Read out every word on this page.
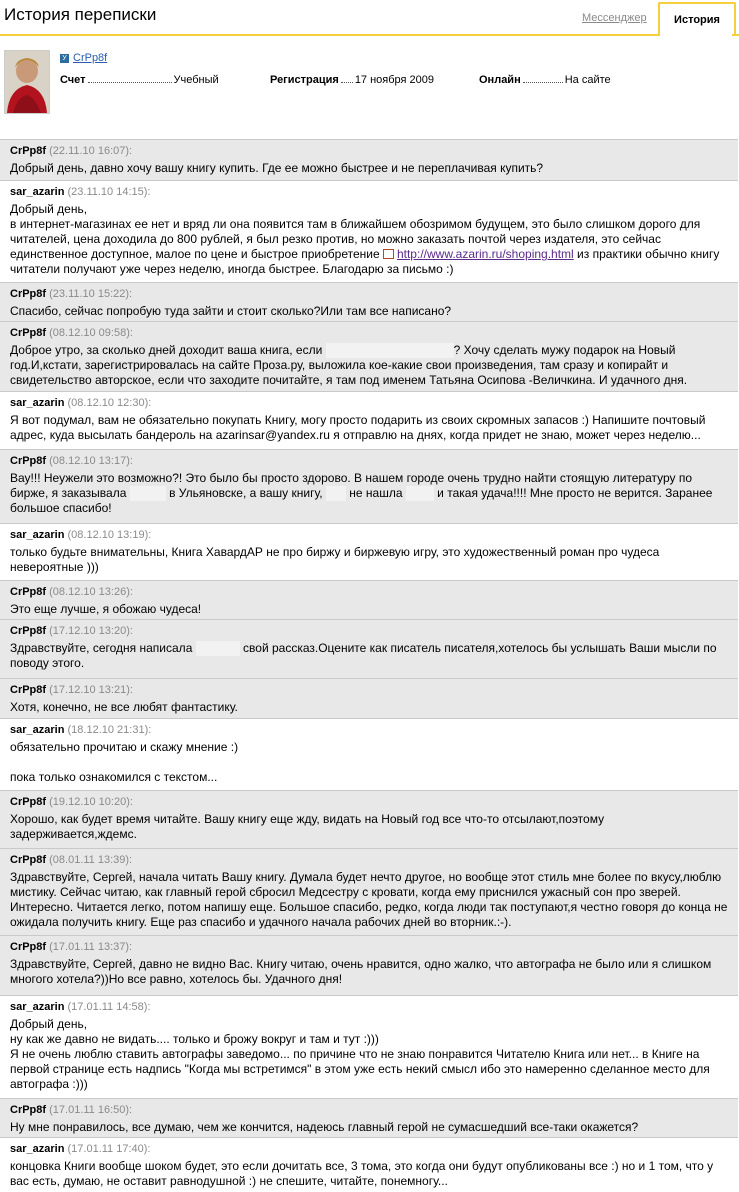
История переписки	Мессенджер	История
У CrPp8f
Счет	Учебный	Регистрация 17 ноября 2009	Онлайн	На сайте
CrPp8f (22.11.10 16:07):
Добрый день, давно хочу вашу книгу купить. Где ее можно быстрее и не переплачивая купить?
sar_azarin (23.11.10 14:15):
Добрый день,
в интернет-магазинах ее нет и вряд ли она появится там в ближайшем обозримом будущем, это было слишком дорого для читателей, цена доходила до 800 рублей, я был резко против, но можно заказать почтой через издателя, это сейчас единственное доступное, малое по цене и быстрое приобретение http://www.azarin.ru/shoping.html из практики обычно книгу читатели получают уже через неделю, иногда быстрее. Благодарю за письмо :)
CrPp8f (23.11.10 15:22):
Спасибо, сейчас попробую туда зайти и стоит сколько?Или там все написано?
CrPp8f (08.12.10 09:58):
Доброе утро, за сколько дней доходит ваша книга, если	? Хочу сделать мужу подарок на Новый год.И,кстати, зарегистрировалась на сайте Проза.ру, выложила кое-какие свои произведения, там сразу и копирайт и свидетельство авторское, если что заходите почитайте, я там под именем Татьяна Осипова -Величкина. И удачного дня.
sar_azarin (08.12.10 12:30):
Я вот подумал, вам не обязательно покупать Книгу, могу просто подарить из своих скромных запасов :) Напишите почтовый адрес, куда высылать бандероль на azarinsar@yandex.ru я отправлю на днях, когда придет не знаю, может через неделю...
CrPp8f (08.12.10 13:17):
Вау!!! Неужели это возможно?! Это было бы просто здорово. В нашем городе очень трудно найти стоящую литературу по бирже, я заказывала	в Ульяновске, а вашу книгу,  не нашла  и такая удача!!!! Мне просто не верится. Заранее большое спасибо!
sar_azarin (08.12.10 13:19):
только будьте внимательны, Книга ХавардАР не про биржу и биржевую игру, это художественный роман про чудеса невероятные )))
CrPp8f (08.12.10 13:26):
Это еще лучше, я обожаю чудеса!
CrPp8f (17.12.10 13:20):
Здравствуйте, сегодня написала	свой рассказ.Оцените как писатель писателя,хотелось бы услышать Ваши мысли по поводу этого.
CrPp8f (17.12.10 13:21):
Хотя, конечно, не все любят фантастику.
sar_azarin (18.12.10 21:31):
обязательно прочитаю и скажу мнение :)

пока только ознакомился с текстом...
CrPp8f (19.12.10 10:20):
Хорошо, как будет время читайте. Вашу книгу еще жду, видать на Новый год все что-то отсылают,поэтому задерживается,ждемс.
CrPp8f (08.01.11 13:39):
Здравствуйте, Сергей, начала читать Вашу книгу. Думала будет нечто другое, но вообще этот стиль мне более по вкусу,люблю мистику. Сейчас читаю, как главный герой сбросил Медсестру с кровати, когда ему приснился ужасный сон про зверей. Интересно. Читается легко, потом напишу еще. Большое спасибо, редко, когда люди так поступают,я честно говоря до конца не ожидала получить книгу. Еще раз спасибо и удачного начала рабочих дней во вторник.:-).
CrPp8f (17.01.11 13:37):
Здравствуйте, Сергей, давно не видно Вас. Книгу читаю, очень нравится, одно жалко, что автографа не было или я слишком многого хотела?))Но все равно, хотелось бы. Удачного дня!
sar_azarin (17.01.11 14:58):
Добрый день,
ну как же давно не видать.... только и брожу вокруг и там и тут :)))
Я не очень люблю ставить автографы заведомо... по причине что не знаю понравится Читателю Книга или нет... в Книге на первой странице есть надпись "Когда мы встретимся" в этом уже есть некий смысл ибо это намеренно сделанное место для автографа :)))
CrPp8f (17.01.11 16:50):
Ну мне понравилось, все думаю, чем же кончится, надеюсь главный герой не сумасшедший все-таки окажется?
sar_azarin (17.01.11 17:40):
концовка Книги вообще шоком будет, это если дочитать все, 3 тома, это когда они будут опубликованы все :) но и 1 том, что у вас есть, думаю, не оставит равнодушной :) не спешите, читайте, понемногу...
